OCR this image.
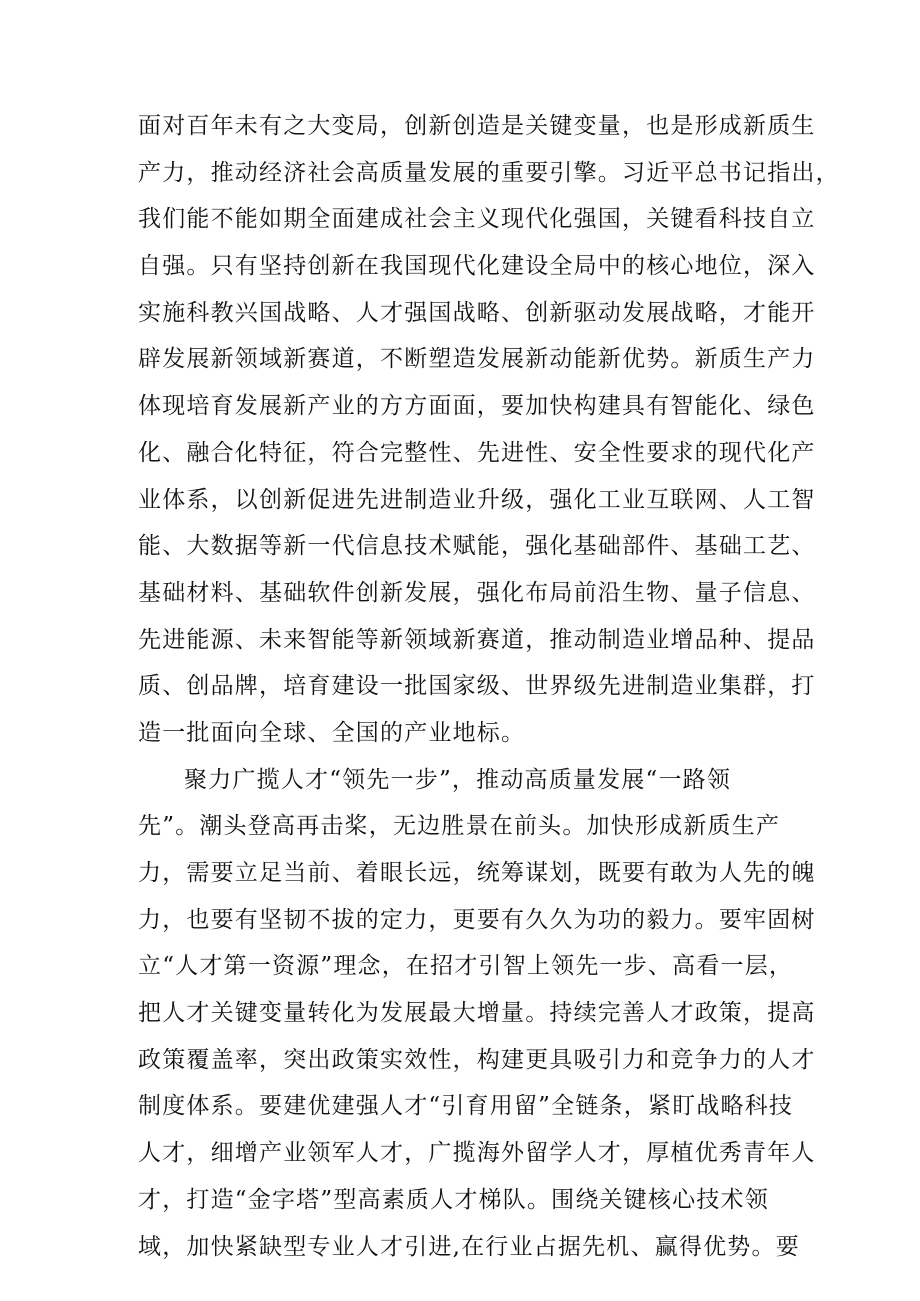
面对百年未有之大变局，创新创造是关键变量，也是形成新质生
产力，推动经济社会高质量发展的重要引擎。习近平总书记指出，
我们能不能如期全面建成社会主义现代化强国，关键看科技自立
自强。只有坚持创新在我国现代化建设全局中的核心地位，深入
实施科教兴国战略、人才强国战略、创新驱动发展战略，才能开
辟发展新领域新赛道，不断塑造发展新动能新优势。新质生产力
体现培育发展新产业的方方面面，要加快构建具有智能化、绿色
化、融合化特征，符合完整性、先进性、安全性要求的现代化产
业体系，以创新促进先进制造业升级，强化工业互联网、人工智
能、大数据等新一代信息技术赋能，强化基础部件、基础工艺、
基础材料、基础软件创新发展，强化布局前沿生物、量子信息、
先进能源、未来智能等新领域新赛道，推动制造业增品种、提品
质、创品牌，培育建设一批国家级、世界级先进制造业集群，打
造一批面向全球、全国的产业地标。
聚力广揽人才“领先一步”，推动高质量发展“一路领
先”。潮头登高再击桨，无边胜景在前头。加快形成新质生产
力，需要立足当前、着眼长远，统筹谋划，既要有敢为人先的魄
力，也要有坚韧不拔的定力，更要有久久为功的毅力。要牢固树
立“人才第一资源”理念，在招才引智上领先一步、高看一层，
把人才关键变量转化为发展最大增量。持续完善人才政策，提高
政策覆盖率，突出政策实效性，构建更具吸引力和竞争力的人才
制度体系。要建优建强人才“引育用留”全链条，紧盯战略科技
人才，细增产业领军人才，广揽海外留学人才，厚植优秀青年人
才，打造“金字塔”型高素质人才梯队。围绕关键核心技术领
域，加快紧缺型专业人才引进,在行业占据先机、赢得优势。要
